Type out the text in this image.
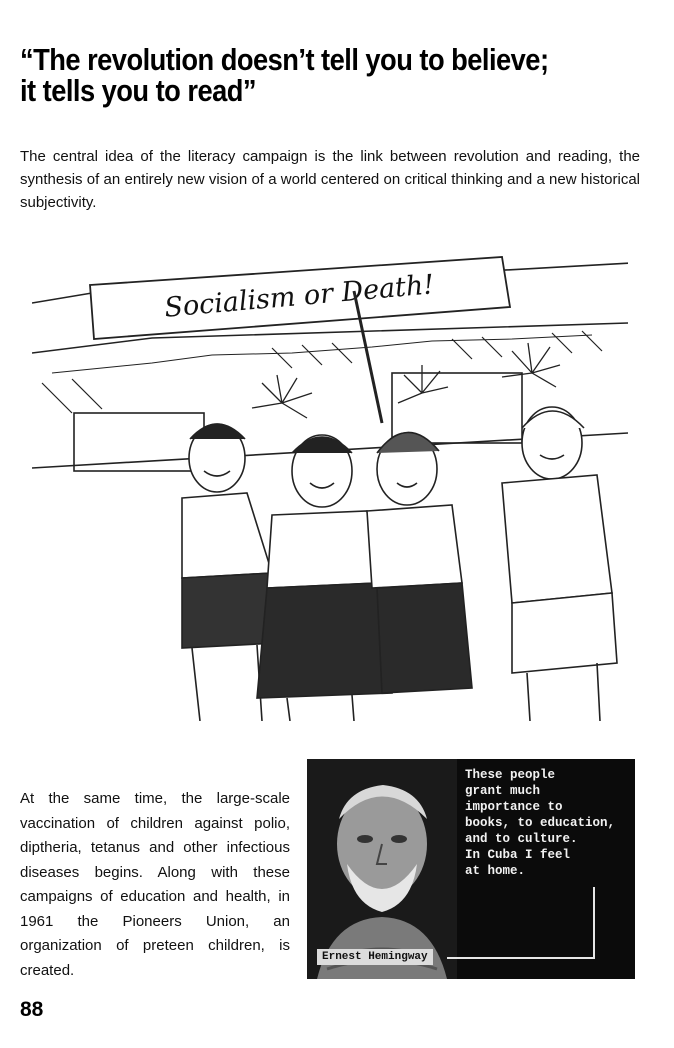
“The revolution doesn’t tell you to believe;
it tells you to read”
The central idea of the literacy campaign is the link between revolution and reading, the synthesis of an entirely new vision of a world centered on critical thinking and a new historical subjectivity.
Socialism or Death!
At the same time, the large-scale vaccination of children against polio, diptheria, tetanus and other infectious diseases begins. Along with these campaigns of education and health, in 1961 the Pioneers Union, an organization of preteen children, is created.
These people
grant much
importance to
books, to education,
and to culture.
In Cuba I feel
at home.
Ernest Hemingway
88
